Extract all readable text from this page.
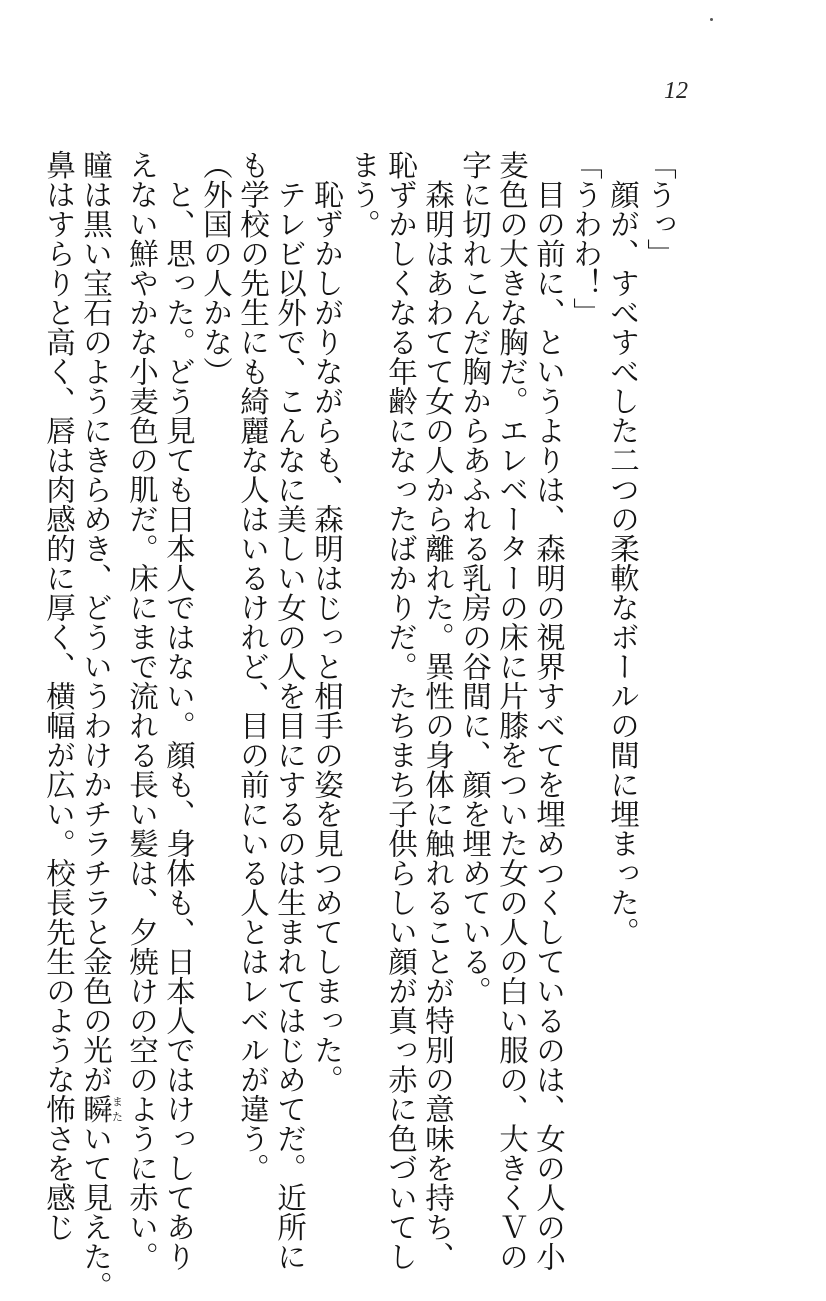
12

「うっ」

　顔が、すべすべした二つの柔軟なボールの間に埋まった。

「うわわ！」

　目の前に、というよりは、森明の視界すべてを埋めつくしているのは、女の人の小

麦色の大きな胸だ。エレベーターの床に片膝をついた女の人の白い服の、大きくＶの

字に切れこんだ胸からあふれる乳房の谷間に、顔を埋めている。

　森明はあわてて女の人から離れた。異性の身体に触れることが特別の意味を持ち、

恥ずかしくなる年齢になったばかりだ。たちまち子供らしい顔が真っ赤に色づいてし

まう。

　恥ずかしがりながらも、森明はじっと相手の姿を見つめてしまった。

　テレビ以外で、こんなに美しい女の人を目にするのは生まれてはじめてだ。近所に

も学校の先生にも綺麗な人はいるけれど、目の前にいる人とはレベルが違う。

（外国の人かな）

　と、思った。どう見ても日本人ではない。顔も、身体も、日本人ではけっしてあり

えない鮮やかな小麦色の肌だ。床にまで流れる長い髪は、夕焼けの空のように赤い。

瞳は黒い宝石のようにきらめき、どういうわけかチラチラと金色の光が瞬またいて見えた。

鼻はすらりと高く、唇は肉感的に厚く、横幅が広い。校長先生のような怖さを感じ
